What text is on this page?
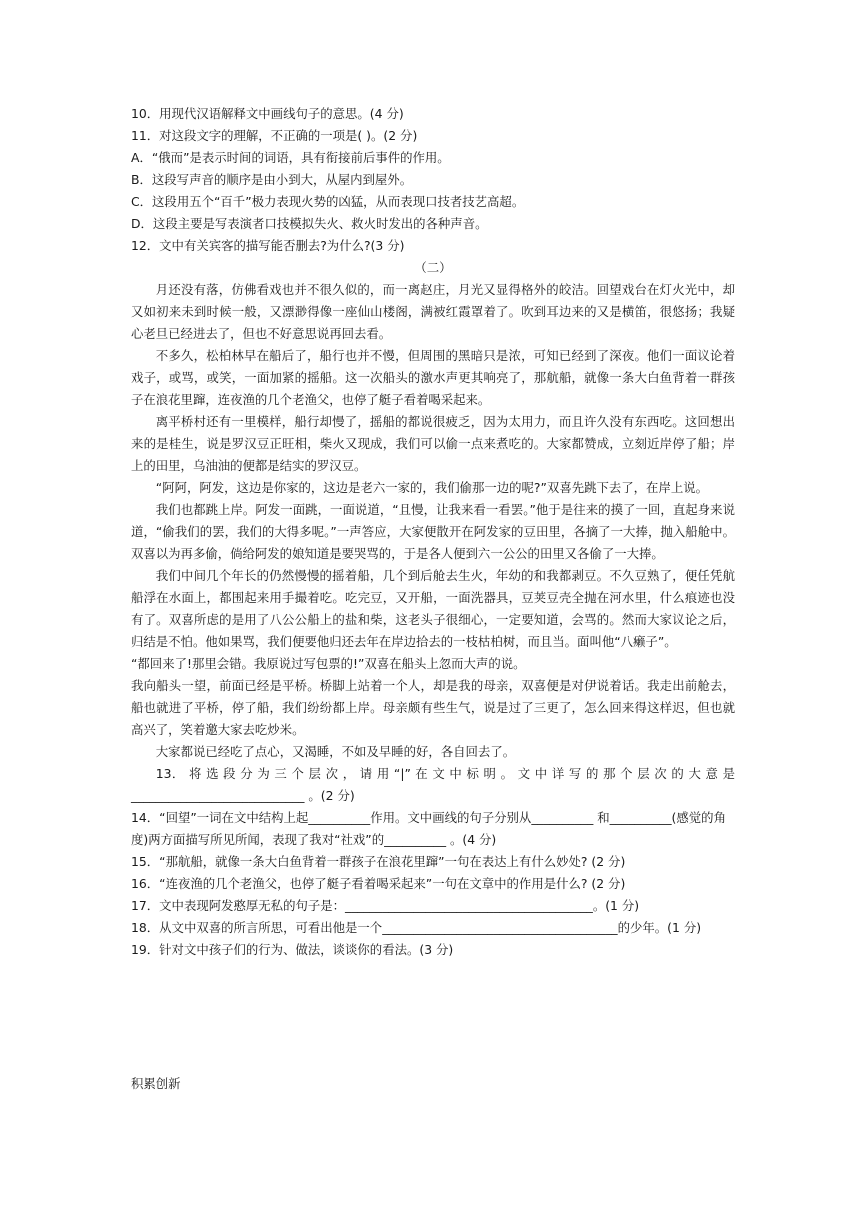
10．用现代汉语解释文中画线句子的意思。(4 分)

11．对这段文字的理解，不正确的一项是( )。(2 分)

A．“俄而”是表示时间的词语，具有衔接前后事件的作用。

B．这段写声音的顺序是由小到大，从屋内到屋外。

C．这段用五个“百千”极力表现火势的凶猛，从而表现口技者技艺高超。

D．这段主要是写表演者口技模拟失火、救火时发出的各种声音。

12．文中有关宾客的描写能否删去?为什么?(3 分)

（二）

月还没有落，仿佛看戏也并不很久似的，而一离赵庄，月光又显得格外的皎洁。回望戏台在灯火光中，却又如初来未到时候一般，又漂渺得像一座仙山楼阁，满被红霞罩着了。吹到耳边来的又是横笛，很悠扬；我疑心老旦已经进去了，但也不好意思说再回去看。

不多久，松柏林早在船后了，船行也并不慢，但周围的黑暗只是浓，可知已经到了深夜。他们一面议论着戏子，或骂，或笑，一面加紧的摇船。这一次船头的激水声更其响亮了，那航船，就像一条大白鱼背着一群孩子在浪花里蹿，连夜渔的几个老渔父，也停了艇子看着喝采起来。

离平桥村还有一里模样，船行却慢了，摇船的都说很疲乏，因为太用力，而且许久没有东西吃。这回想出来的是桂生，说是罗汉豆正旺相，柴火又现成，我们可以偷一点来煮吃的。大家都赞成，立刻近岸停了船；岸上的田里，乌油油的便都是结实的罗汉豆。

“阿阿，阿发，这边是你家的，这边是老六一家的，我们偷那一边的呢?”双喜先跳下去了，在岸上说。

我们也都跳上岸。阿发一面跳，一面说道，“且慢，让我来看一看罢。”他于是往来的摸了一回，直起身来说道，“偷我们的罢，我们的大得多呢。”一声答应，大家便散开在阿发家的豆田里，各摘了一大捧，抛入船舱中。双喜以为再多偷，倘给阿发的娘知道是要哭骂的，于是各人便到六一公公的田里又各偷了一大捧。

我们中间几个年长的仍然慢慢的摇着船，几个到后舱去生火，年幼的和我都剥豆。不久豆熟了，便任凭航船浮在水面上，都围起来用手撮着吃。吃完豆，又开船，一面洗器具，豆荚豆壳全抛在河水里，什么痕迹也没有了。双喜所虑的是用了八公公船上的盐和柴，这老头子很细心，一定要知道，会骂的。然而大家议论之后，归结是不怕。他如果骂，我们便要他归还去年在岸边拾去的一枝枯柏树，而且当。面叫他“八癞子”。

“都回来了!那里会错。我原说过写包票的!”双喜在船头上忽而大声的说。

我向船头一望，前面已经是平桥。桥脚上站着一个人，却是我的母亲，双喜便是对伊说着话。我走出前舱去，船也就进了平桥，停了船，我们纷纷都上岸。母亲颇有些生气，说是过了三更了，怎么回来得这样迟，但也就高兴了，笑着邀大家去吃炒米。

大家都说已经吃了点心，又渴睡，不如及早睡的好，各自回去了。

13． 将 选 段 分 为 三 个 层 次 ， 请 用 “|” 在 文 中 标 明 。 文 中 详 写 的 那 个 层 次 的 大 意 是 ____________________________ 。(2 分)

14．“回望”一词在文中结构上起__________作用。文中画线的句子分别从__________ 和__________(感觉的角度)两方面描写所见所闻，表现了我对“社戏”的__________ 。(4 分)

15．“那航船，就像一条大白鱼背着一群孩子在浪花里蹿”一句在表达上有什么妙处? (2 分)

16．“连夜渔的几个老渔父，也停了艇子看着喝采起来”一句在文章中的作用是什么? (2 分)

17．文中表现阿发憨厚无私的句子是：________________________________________。(1 分)

18．从文中双喜的所言所思，可看出他是一个______________________________________的少年。(1 分)

19．针对文中孩子们的行为、做法，谈谈你的看法。(3 分)

积累创新
